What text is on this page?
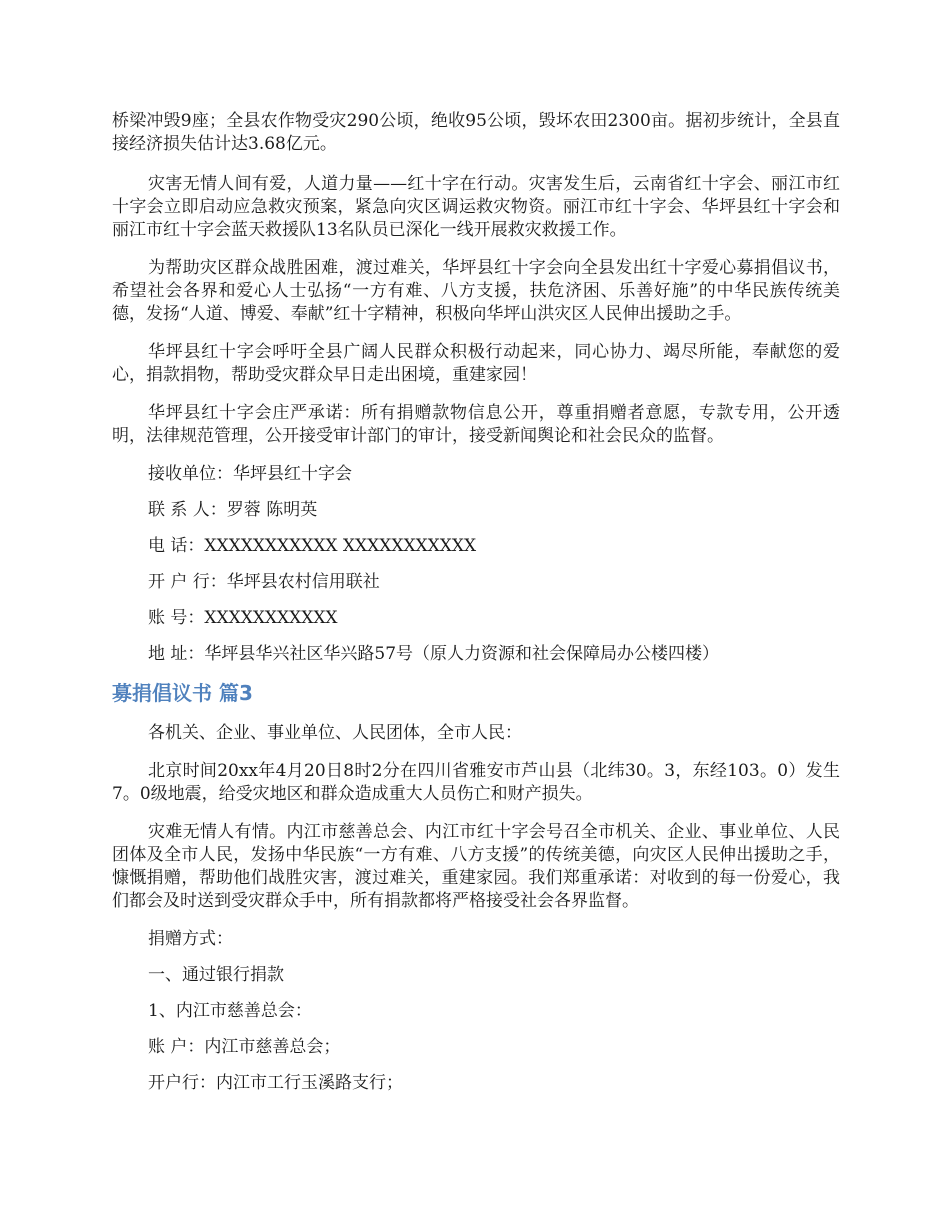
桥梁冲毁9座；全县农作物受灾290公顷，绝收95公顷，毁坏农田2300亩。据初步统计，全县直接经济损失估计达3.68亿元。

灾害无情人间有爱，人道力量——红十字在行动。灾害发生后，云南省红十字会、丽江市红十字会立即启动应急救灾预案，紧急向灾区调运救灾物资。丽江市红十字会、华坪县红十字会和丽江市红十字会蓝天救援队13名队员已深化一线开展救灾救援工作。

为帮助灾区群众战胜困难，渡过难关，华坪县红十字会向全县发出红十字爱心募捐倡议书，希望社会各界和爱心人士弘扬“一方有难、八方支援，扶危济困、乐善好施”的中华民族传统美德，发扬“人道、博爱、奉献”红十字精神，积极向华坪山洪灾区人民伸出援助之手。

华坪县红十字会呼吁全县广阔人民群众积极行动起来，同心协力、竭尽所能，奉献您的爱心，捐款捐物，帮助受灾群众早日走出困境，重建家园！

华坪县红十字会庄严承诺：所有捐赠款物信息公开，尊重捐赠者意愿，专款专用，公开透明，法律规范管理，公开接受审计部门的审计，接受新闻舆论和社会民众的监督。

接收单位：华坪县红十字会

联 系 人：罗蓉 陈明英

电 话：XXXXXXXXXXX XXXXXXXXXXX

开 户 行：华坪县农村信用联社

账 号：XXXXXXXXXXX

地 址：华坪县华兴社区华兴路57号（原人力资源和社会保障局办公楼四楼）

募捐倡议书 篇3

各机关、企业、事业单位、人民团体，全市人民：

北京时间20xx年4月20日8时2分在四川省雅安市芦山县（北纬30。3，东经103。0）发生7。0级地震，给受灾地区和群众造成重大人员伤亡和财产损失。

灾难无情人有情。内江市慈善总会、内江市红十字会号召全市机关、企业、事业单位、人民团体及全市人民，发扬中华民族“一方有难、八方支援”的传统美德，向灾区人民伸出援助之手，慷慨捐赠，帮助他们战胜灾害，渡过难关，重建家园。我们郑重承诺：对收到的每一份爱心，我们都会及时送到受灾群众手中，所有捐款都将严格接受社会各界监督。

捐赠方式：

一、通过银行捐款

1、内江市慈善总会：

账 户：内江市慈善总会；

开户行：内江市工行玉溪路支行；
